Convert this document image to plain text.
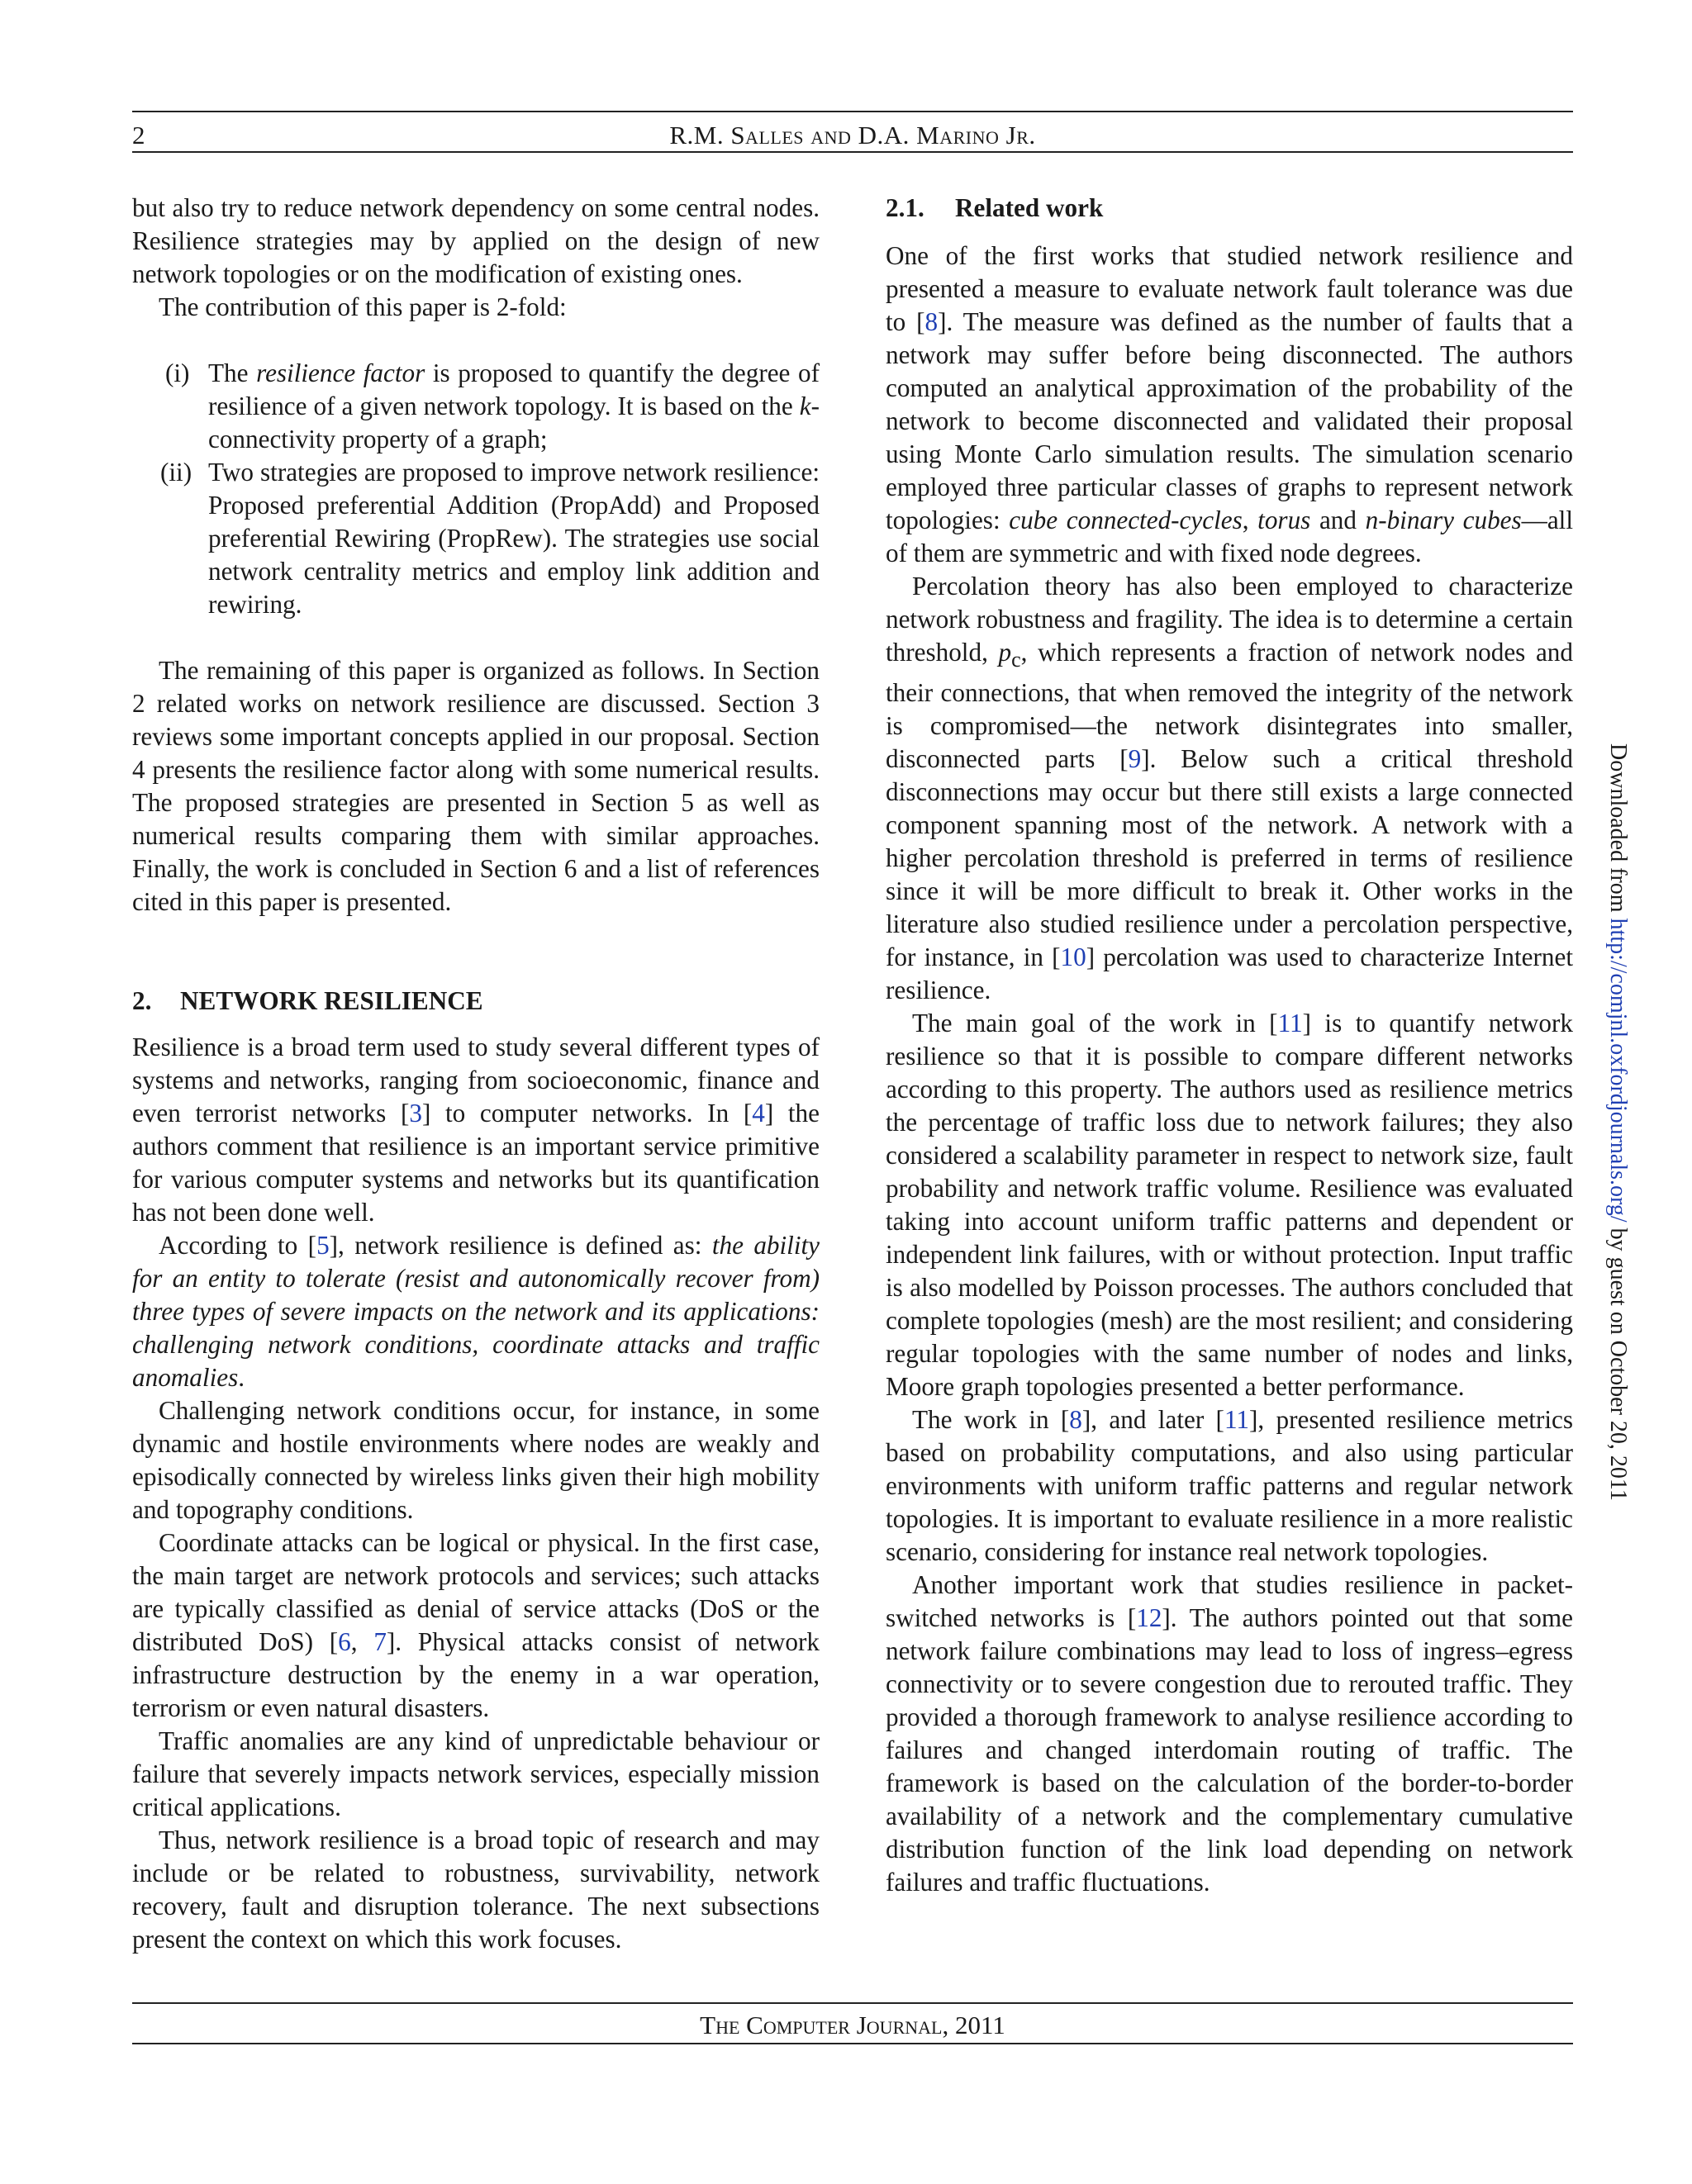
2	R.M. Salles and D.A. Marino Jr.

but also try to reduce network dependency on some central nodes. Resilience strategies may by applied on the design of new network topologies or on the modification of existing ones.

The contribution of this paper is 2-fold:

(i) The resilience factor is proposed to quantify the degree of resilience of a given network topology. It is based on the k-connectivity property of a graph;
(ii) Two strategies are proposed to improve network resilience: Proposed preferential Addition (PropAdd) and Proposed preferential Rewiring (PropRew). The strategies use social network centrality metrics and employ link addition and rewiring.

The remaining of this paper is organized as follows. In Section 2 related works on network resilience are discussed. Section 3 reviews some important concepts applied in our proposal. Section 4 presents the resilience factor along with some numerical results. The proposed strategies are presented in Section 5 as well as numerical results comparing them with similar approaches. Finally, the work is concluded in Section 6 and a list of references cited in this paper is presented.

2. NETWORK RESILIENCE

Resilience is a broad term used to study several different types of systems and networks, ranging from socioeconomic, finance and even terrorist networks [3] to computer networks. In [4] the authors comment that resilience is an important service primitive for various computer systems and networks but its quantification has not been done well.

According to [5], network resilience is defined as: the ability for an entity to tolerate (resist and autonomically recover from) three types of severe impacts on the network and its applications: challenging network conditions, coordinate attacks and traffic anomalies.

Challenging network conditions occur, for instance, in some dynamic and hostile environments where nodes are weakly and episodically connected by wireless links given their high mobility and topography conditions.

Coordinate attacks can be logical or physical. In the first case, the main target are network protocols and services; such attacks are typically classified as denial of service attacks (DoS or the distributed DoS) [6, 7]. Physical attacks consist of network infrastructure destruction by the enemy in a war operation, terrorism or even natural disasters.

Traffic anomalies are any kind of unpredictable behaviour or failure that severely impacts network services, especially mission critical applications.

Thus, network resilience is a broad topic of research and may include or be related to robustness, survivability, network recovery, fault and disruption tolerance. The next subsections present the context on which this work focuses.

2.1. Related work

One of the first works that studied network resilience and presented a measure to evaluate network fault tolerance was due to [8]. The measure was defined as the number of faults that a network may suffer before being disconnected. The authors computed an analytical approximation of the probability of the network to become disconnected and validated their proposal using Monte Carlo simulation results. The simulation scenario employed three particular classes of graphs to represent network topologies: cube connected-cycles, torus and n-binary cubes—all of them are symmetric and with fixed node degrees.

Percolation theory has also been employed to characterize network robustness and fragility. The idea is to determine a certain threshold, $p_c$, which represents a fraction of network nodes and their connections, that when removed the integrity of the network is compromised—the network disintegrates into smaller, disconnected parts [9]. Below such a critical threshold disconnections may occur but there still exists a large connected component spanning most of the network. A network with a higher percolation threshold is preferred in terms of resilience since it will be more difficult to break it. Other works in the literature also studied resilience under a percolation perspective, for instance, in [10] percolation was used to characterize Internet resilience.

The main goal of the work in [11] is to quantify network resilience so that it is possible to compare different networks according to this property. The authors used as resilience metrics the percentage of traffic loss due to network failures; they also considered a scalability parameter in respect to network size, fault probability and network traffic volume. Resilience was evaluated taking into account uniform traffic patterns and dependent or independent link failures, with or without protection. Input traffic is also modelled by Poisson processes. The authors concluded that complete topologies (mesh) are the most resilient; and considering regular topologies with the same number of nodes and links, Moore graph topologies presented a better performance.

The work in [8], and later [11], presented resilience metrics based on probability computations, and also using particular environments with uniform traffic patterns and regular network topologies. It is important to evaluate resilience in a more realistic scenario, considering for instance real network topologies.

Another important work that studies resilience in packet-switched networks is [12]. The authors pointed out that some network failure combinations may lead to loss of ingress–egress connectivity or to severe congestion due to rerouted traffic. They provided a thorough framework to analyse resilience according to failures and changed interdomain routing of traffic. The framework is based on the calculation of the border-to-border availability of a network and the complementary cumulative distribution function of the link load depending on network failures and traffic fluctuations.

Downloaded from http://comjnl.oxfordjournals.org/ by guest on October 20, 2011
The Computer Journal, 2011
